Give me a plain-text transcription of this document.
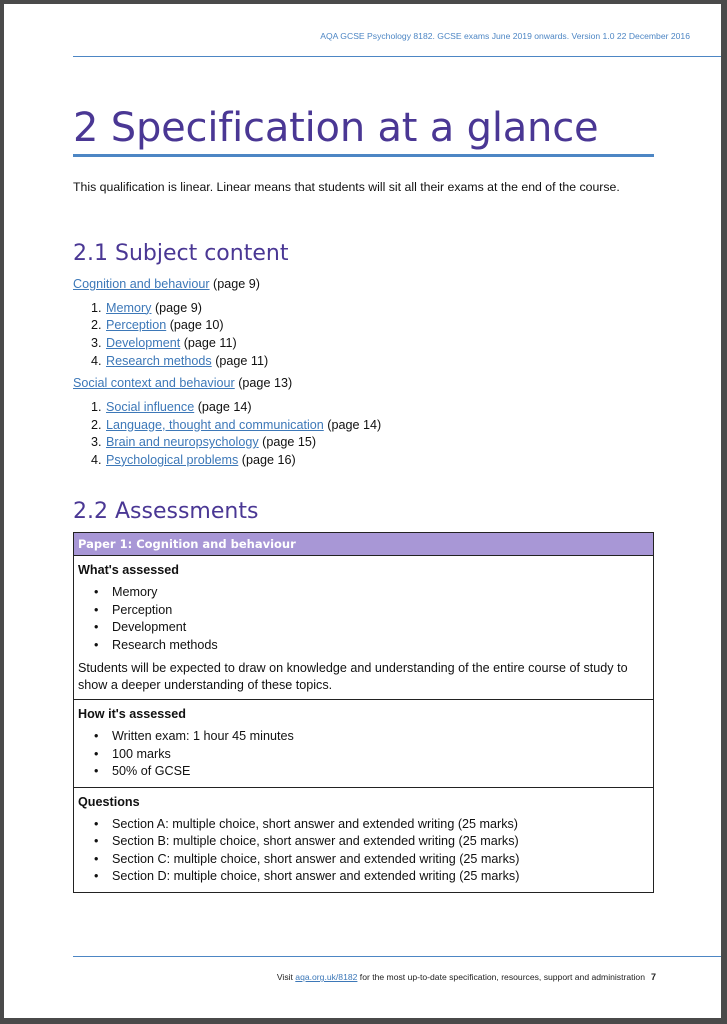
AQA GCSE Psychology 8182. GCSE exams June 2019 onwards. Version 1.0 22 December 2016
2 Specification at a glance
This qualification is linear. Linear means that students will sit all their exams at the end of the course.
2.1 Subject content

Cognition and behaviour (page 9)

1. Memory (page 9)
2. Perception (page 10)
3. Development (page 11)
4. Research methods (page 11)

Social context and behaviour (page 13)

1. Social influence (page 14)
2. Language, thought and communication (page 14)
3. Brain and neuropsychology (page 15)
4. Psychological problems (page 16)
2.2 Assessments
Paper 1: Cognition and behaviour
What's assessed
• Memory
• Perception
• Development
• Research methods
Students will be expected to draw on knowledge and understanding of the entire course of study to show a deeper understanding of these topics.
How it's assessed
• Written exam: 1 hour 45 minutes
• 100 marks
• 50% of GCSE
Questions
• Section A: multiple choice, short answer and extended writing (25 marks)
• Section B: multiple choice, short answer and extended writing (25 marks)
• Section C: multiple choice, short answer and extended writing (25 marks)
• Section D: multiple choice, short answer and extended writing (25 marks)
Visit aqa.org.uk/8182 for the most up-to-date specification, resources, support and administration 7
